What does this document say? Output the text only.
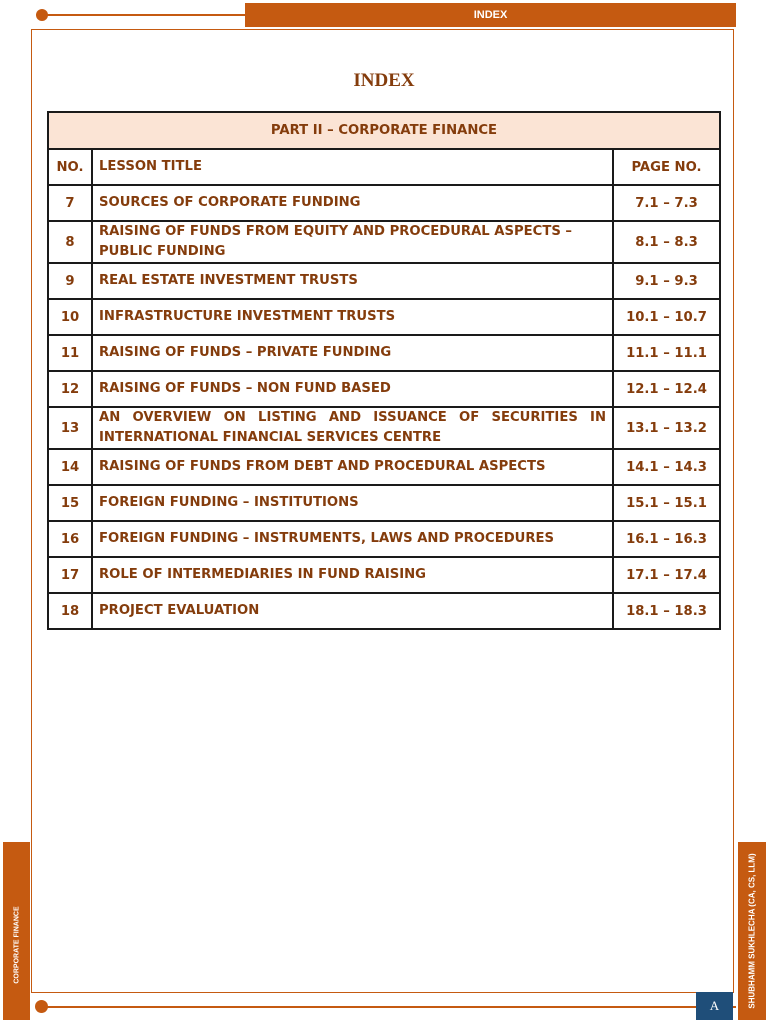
INDEX
INDEX
PART II – CORPORATE FINANCE		
NO.	LESSON TITLE	PAGE NO.
7	SOURCES OF CORPORATE FUNDING	7.1 – 7.3
8	RAISING OF FUNDS FROM EQUITY AND PROCEDURAL ASPECTS – PUBLIC FUNDING	8.1 – 8.3
9	REAL ESTATE INVESTMENT TRUSTS	9.1 – 9.3
10	INFRASTRUCTURE INVESTMENT TRUSTS	10.1 – 10.7
11	RAISING OF FUNDS – PRIVATE FUNDING	11.1 – 11.1
12	RAISING OF FUNDS – NON FUND BASED	12.1 – 12.4
13	AN OVERVIEW ON LISTING AND ISSUANCE OF SECURITIES IN INTERNATIONAL FINANCIAL SERVICES CENTRE	13.1 – 13.2
14	RAISING OF FUNDS FROM DEBT AND PROCEDURAL ASPECTS	14.1 – 14.3
15	FOREIGN FUNDING – INSTITUTIONS	15.1 – 15.1
16	FOREIGN FUNDING – INSTRUMENTS, LAWS AND PROCEDURES	16.1 – 16.3
17	ROLE OF INTERMEDIARIES IN FUND RAISING	17.1 – 17.4
18	PROJECT EVALUATION	18.1 – 18.3
CORPORATE FINANCE	SHUBHAMM SUKHLECHA (CA, CS, LLM)
A
